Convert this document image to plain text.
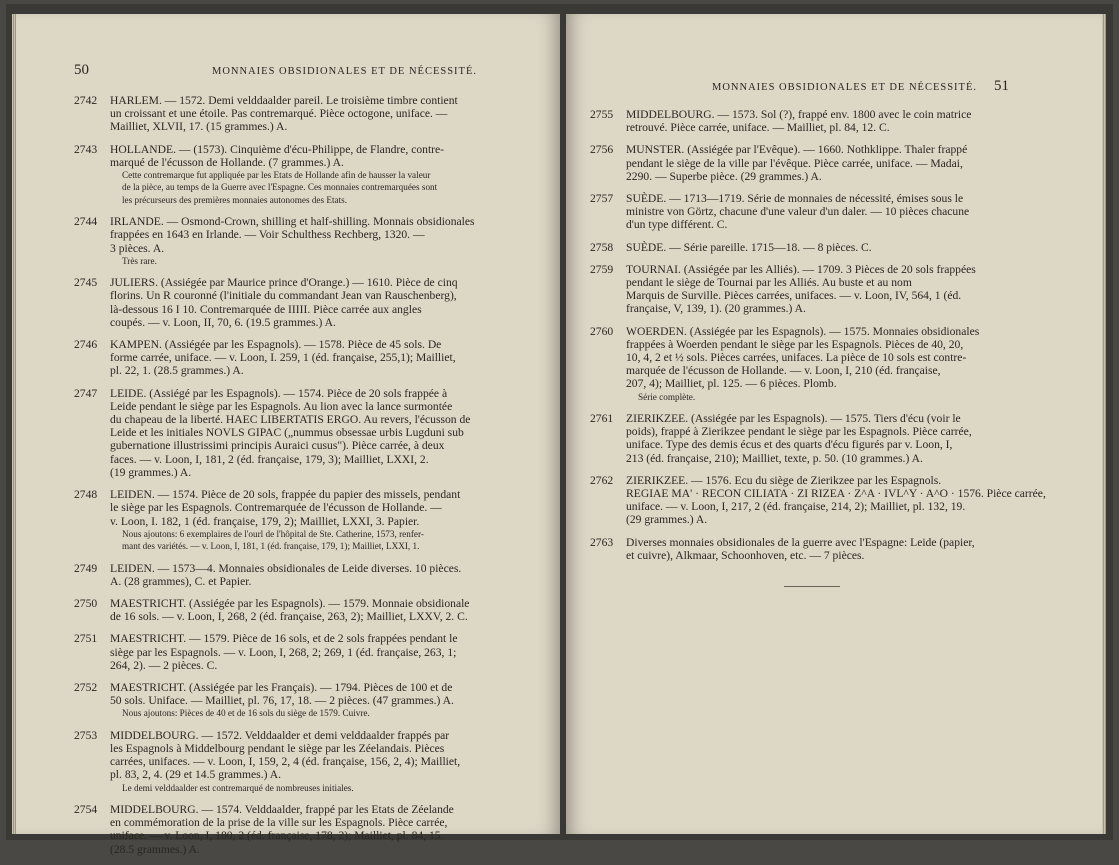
50	MONNAIES OBSIDIONALES ET DE NÉCESSITÉ.
2742	HARLEM. — 1572. Demi velddaalder pareil. Le troisième timbre contient
un croissant et une étoile. Pas contremarqué. Pièce octogone, uniface. —
Mailliet, XLVII, 17. (15 grammes.) A.
2743	HOLLANDE. — (1573). Cinquième d'écu-Philippe, de Flandre, contre-
marqué de l'écusson de Hollande. (7 grammes.) A.
Cette contremarque fut appliquée par les Etats de Hollande afin de hausser la valeur
de la pièce, au temps de la Guerre avec l'Espagne. Ces monnaies contremarquées sont
les précurseurs des premières monnaies autonomes des Etats.
2744	IRLANDE. — Osmond-Crown, shilling et half-shilling. Monnais obsidionales
frappées en 1643 en Irlande. — Voir Schulthess Rechberg, 1320. —
3 pièces. A.
Très rare.
2745	JULIERS. (Assiégée par Maurice prince d'Orange.) — 1610. Pièce de cinq
florins. Un R couronné (l'initiale du commandant Jean van Rauschenberg),
là-dessous 16 I 10. Contremarquée de IIIII. Pièce carrée aux angles
coupés. — v. Loon, II, 70, 6. (19.5 grammes.) A.
2746	KAMPEN. (Assiégée par les Espagnols). — 1578. Pièce de 45 sols. De
forme carrée, uniface. — v. Loon, I. 259, 1 (éd. française, 255,1); Mailliet,
pl. 22, 1. (28.5 grammes.) A.
2747	LEIDE. (Assiégé par les Espagnols). — 1574. Pièce de 20 sols frappée à
Leide pendant le siège par les Espagnols. Au lion avec la lance surmontée
du chapeau de la liberté. HAEC LIBERTATIS ERGO. Au revers, l'écusson de
Leide et les initiales NOVLS GIPAC („nummus obsessae urbis Lugduni sub
gubernatione illustrissimi principis Auraici cusus"). Pièce carrée, à deux
faces. — v. Loon, I, 181, 2 (éd. française, 179, 3); Mailliet, LXXI, 2.
(19 grammes.) A.
2748	LEIDEN. — 1574. Pièce de 20 sols, frappée du papier des missels, pendant
le siège par les Espagnols. Contremarquée de l'écusson de Hollande. —
v. Loon, I. 182, 1 (éd. française, 179, 2); Mailliet, LXXI, 3. Papier.
Nous ajoutons: 6 exemplaires de l'ourl de l'hôpital de Ste. Catherine, 1573, renfer-
mant des variétés. — v. Loon, I, 181, 1 (éd. française, 179, 1); Mailliet, LXXI, 1.
2749	LEIDEN. — 1573—4. Monnaies obsidionales de Leide diverses. 10 pièces.
A. (28 grammes), C. et Papier.
2750	MAESTRICHT. (Assiégée par les Espagnols). — 1579. Monnaie obsidionale
de 16 sols. — v. Loon, I, 268, 2 (éd. française, 263, 2); Mailliet, LXXV, 2. C.
2751	MAESTRICHT. — 1579. Pièce de 16 sols, et de 2 sols frappées pendant le
siège par les Espagnols. — v. Loon, I, 268, 2; 269, 1 (éd. française, 263, 1;
264, 2). — 2 pièces. C.
2752	MAESTRICHT. (Assiégée par les Français). — 1794. Pièces de 100 et de
50 sols. Uniface. — Mailliet, pl. 76, 17, 18. — 2 pièces. (47 grammes.) A.
Nous ajoutons: Pièces de 40 et de 16 sols du siège de 1579. Cuivre.
2753	MIDDELBOURG. — 1572. Velddaalder et demi velddaalder frappés par
les Espagnols à Middelbourg pendant le siège par les Zéelandais. Pièces
carrées, unifaces. — v. Loon, I, 159, 2, 4 (éd. française, 156, 2, 4); Mailliet,
pl. 83, 2, 4. (29 et 14.5 grammes.) A.
Le demi velddaalder est contremarqué de nombreuses initiales.
2754	MIDDELBOURG. — 1574. Velddaalder, frappé par les Etats de Zéelande
en commémoration de la prise de la ville sur les Espagnols. Pièce carrée,
uniface. — v. Loon, I, 180, 2 (éd. française, 178, 2); Mailliet, pl. 84, 15.
(28.5 grammes.) A.
MONNAIES OBSIDIONALES ET DE NÉCESSITÉ. 51
2755	MIDDELBOURG. — 1573. Sol (?), frappé env. 1800 avec le coin matrice
retrouvé. Pièce carrée, uniface. — Mailliet, pl. 84, 12. C.
2756	MUNSTER. (Assiégée par l'Evêque). — 1660. Nothklippe. Thaler frappé
pendant le siège de la ville par l'évêque. Pièce carrée, uniface. — Madai,
2290. — Superbe pièce. (29 grammes.) A.
2757	SUÈDE. — 1713—1719. Série de monnaies de nécessité, émises sous le
ministre von Görtz, chacune d'une valeur d'un daler. — 10 pièces chacune
d'un type différent. C.
2758	SUÈDE. — Série pareille. 1715—18. — 8 pièces. C.
2759	TOURNAI. (Assiégée par les Alliés). — 1709. 3 Pièces de 20 sols frappées
pendant le siège de Tournai par les Alliés. Au buste et au nom
Marquis de Surville. Pièces carrées, unifaces. — v. Loon, IV, 564, 1 (éd.
française, V, 139, 1). (20 grammes.) A.
2760	WOERDEN. (Assiégée par les Espagnols). — 1575. Monnaies obsidionales
frappées à Woerden pendant le siège par les Espagnols. Pièces de 40, 20,
10, 4, 2 et ½ sols. Pièces carrées, unifaces. La pièce de 10 sols est contre-
marquée de l'écusson de Hollande. — v. Loon, I, 210 (éd. française,
207, 4); Mailliet, pl. 125. — 6 pièces. Plomb.
Série complète.
2761	ZIERIKZEE. (Assiégée par les Espagnols). — 1575. Tiers d'écu (voir le
poids), frappé à Zierikzee pendant le siège par les Espagnols. Pièce carrée,
uniface. Type des demis écus et des quarts d'écu figurés par v. Loon, I,
213 (éd. française, 210); Mailliet, texte, p. 50. (10 grammes.) A.
2762	ZIERIKZEE. — 1576. Ecu du siège de Zierikzee par les Espagnols.
REGIAE MA' · RECON CILIATA · ZI RIZEA · Z^A · IVL^Y · A^O · 1576. Pièce carrée,
uniface. — v. Loon, I, 217, 2 (éd. française, 214, 2); Mailliet, pl. 132, 19.
(29 grammes.) A.
2763	Diverses monnaies obsidionales de la guerre avec l'Espagne: Leide (papier,
et cuivre), Alkmaar, Schoonhoven, etc. — 7 pièces.
